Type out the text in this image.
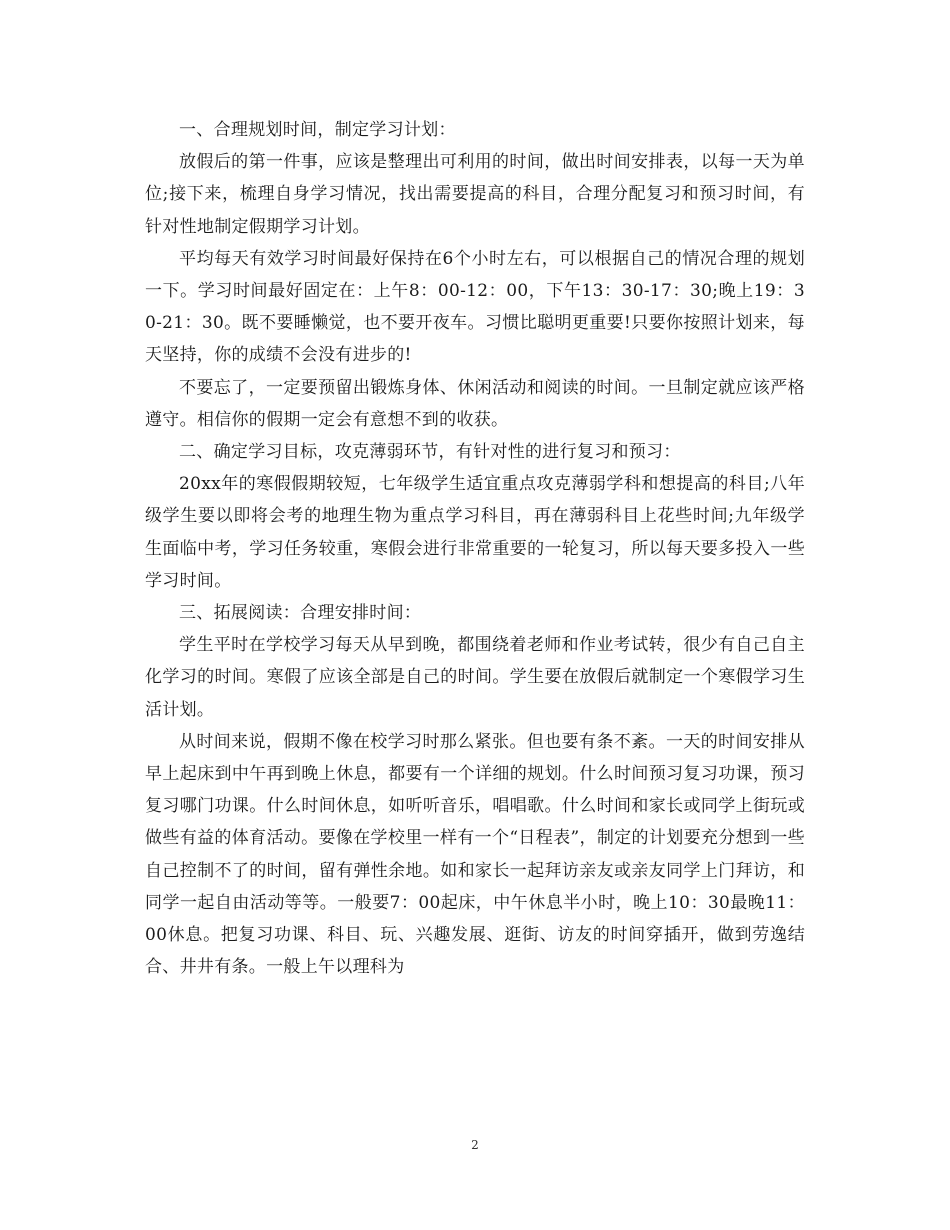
一、合理规划时间，制定学习计划：

放假后的第一件事，应该是整理出可利用的时间，做出时间安排表，以每一天为单位;接下来，梳理自身学习情况，找出需要提高的科目，合理分配复习和预习时间，有针对性地制定假期学习计划。

平均每天有效学习时间最好保持在6个小时左右，可以根据自己的情况合理的规划一下。学习时间最好固定在：上午8：00-12：00，下午13：30-17：30;晚上19：30-21：30。既不要睡懒觉，也不要开夜车。习惯比聪明更重要!只要你按照计划来，每天坚持，你的成绩不会没有进步的!

不要忘了，一定要预留出锻炼身体、休闲活动和阅读的时间。一旦制定就应该严格遵守。相信你的假期一定会有意想不到的收获。

二、确定学习目标，攻克薄弱环节，有针对性的进行复习和预习：

20xx年的寒假假期较短，七年级学生适宜重点攻克薄弱学科和想提高的科目;八年级学生要以即将会考的地理生物为重点学习科目，再在薄弱科目上花些时间;九年级学生面临中考，学习任务较重，寒假会进行非常重要的一轮复习，所以每天要多投入一些学习时间。

三、拓展阅读：合理安排时间：

学生平时在学校学习每天从早到晚，都围绕着老师和作业考试转，很少有自己自主化学习的时间。寒假了应该全部是自己的时间。学生要在放假后就制定一个寒假学习生活计划。

从时间来说，假期不像在校学习时那么紧张。但也要有条不紊。一天的时间安排从早上起床到中午再到晚上休息，都要有一个详细的规划。什么时间预习复习功课，预习复习哪门功课。什么时间休息，如听听音乐，唱唱歌。什么时间和家长或同学上街玩或做些有益的体育活动。要像在学校里一样有一个“日程表”，制定的计划要充分想到一些自己控制不了的时间，留有弹性余地。如和家长一起拜访亲友或亲友同学上门拜访，和同学一起自由活动等等。一般要7：00起床，中午休息半小时，晚上10：30最晚11：00休息。把复习功课、科目、玩、兴趣发展、逛街、访友的时间穿插开，做到劳逸结合、井井有条。一般上午以理科为

2
